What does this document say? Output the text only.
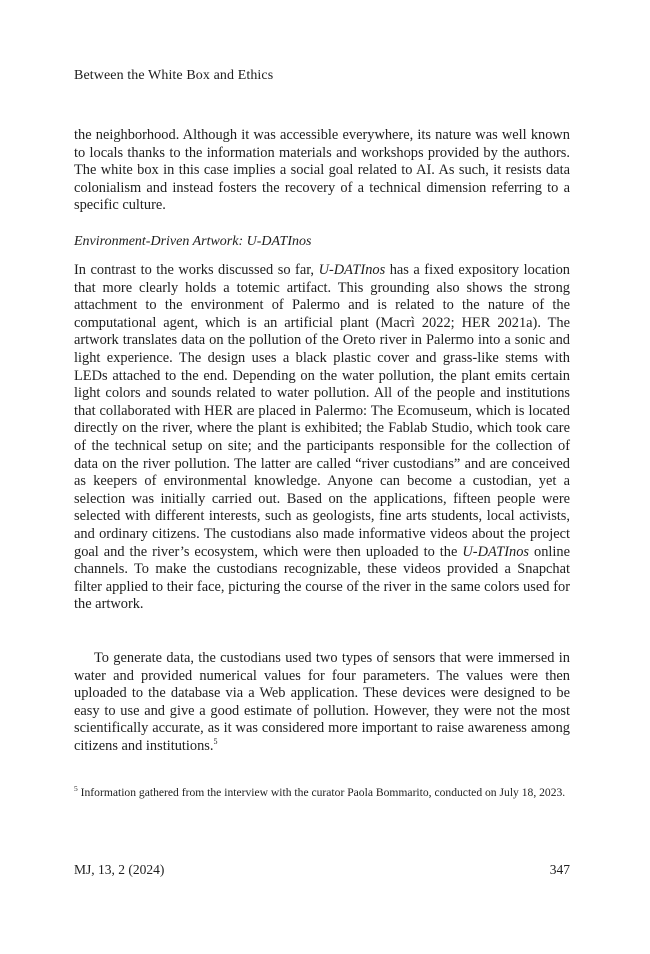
Between the White Box and Ethics

the neighborhood. Although it was accessible everywhere, its nature was well known to locals thanks to the information materials and workshops provided by the authors. The white box in this case implies a social goal related to AI. As such, it resists data colonialism and instead fosters the recovery of a technical dimension referring to a specific culture.

Environment-Driven Artwork: U-DATInos

In contrast to the works discussed so far, U-DATInos has a fixed expository location that more clearly holds a totemic artifact. This grounding also shows the strong attachment to the environment of Palermo and is related to the nature of the computational agent, which is an artificial plant (Macrì 2022; HER 2021a). The artwork translates data on the pollution of the Oreto river in Palermo into a sonic and light experience. The design uses a black plastic cover and grass-like stems with LEDs attached to the end. Depending on the water pollution, the plant emits certain light colors and sounds related to water pollution. All of the people and institutions that collaborated with HER are placed in Palermo: The Ecomuseum, which is located directly on the river, where the plant is exhibited; the Fablab Studio, which took care of the technical setup on site; and the participants responsible for the collection of data on the river pollution. The latter are called “river custodians” and are conceived as keepers of environmental knowledge. Anyone can become a custodian, yet a selection was initially carried out. Based on the applications, fifteen people were selected with different interests, such as geologists, fine arts students, local activists, and ordinary citizens. The custodians also made informative videos about the project goal and the river’s ecosystem, which were then uploaded to the U-DATInos online channels. To make the custodians recognizable, these videos provided a Snapchat filter applied to their face, picturing the course of the river in the same colors used for the artwork.

To generate data, the custodians used two types of sensors that were immersed in water and provided numerical values for four parameters. The values were then uploaded to the database via a Web application. These devices were designed to be easy to use and give a good estimate of pollution. However, they were not the most scientifically accurate, as it was considered more important to raise awareness among citizens and institutions.$^5$

$^5$ Information gathered from the interview with the curator Paola Bommarito, conducted on July 18, 2023.

MJ, 13, 2 (2024)	347
